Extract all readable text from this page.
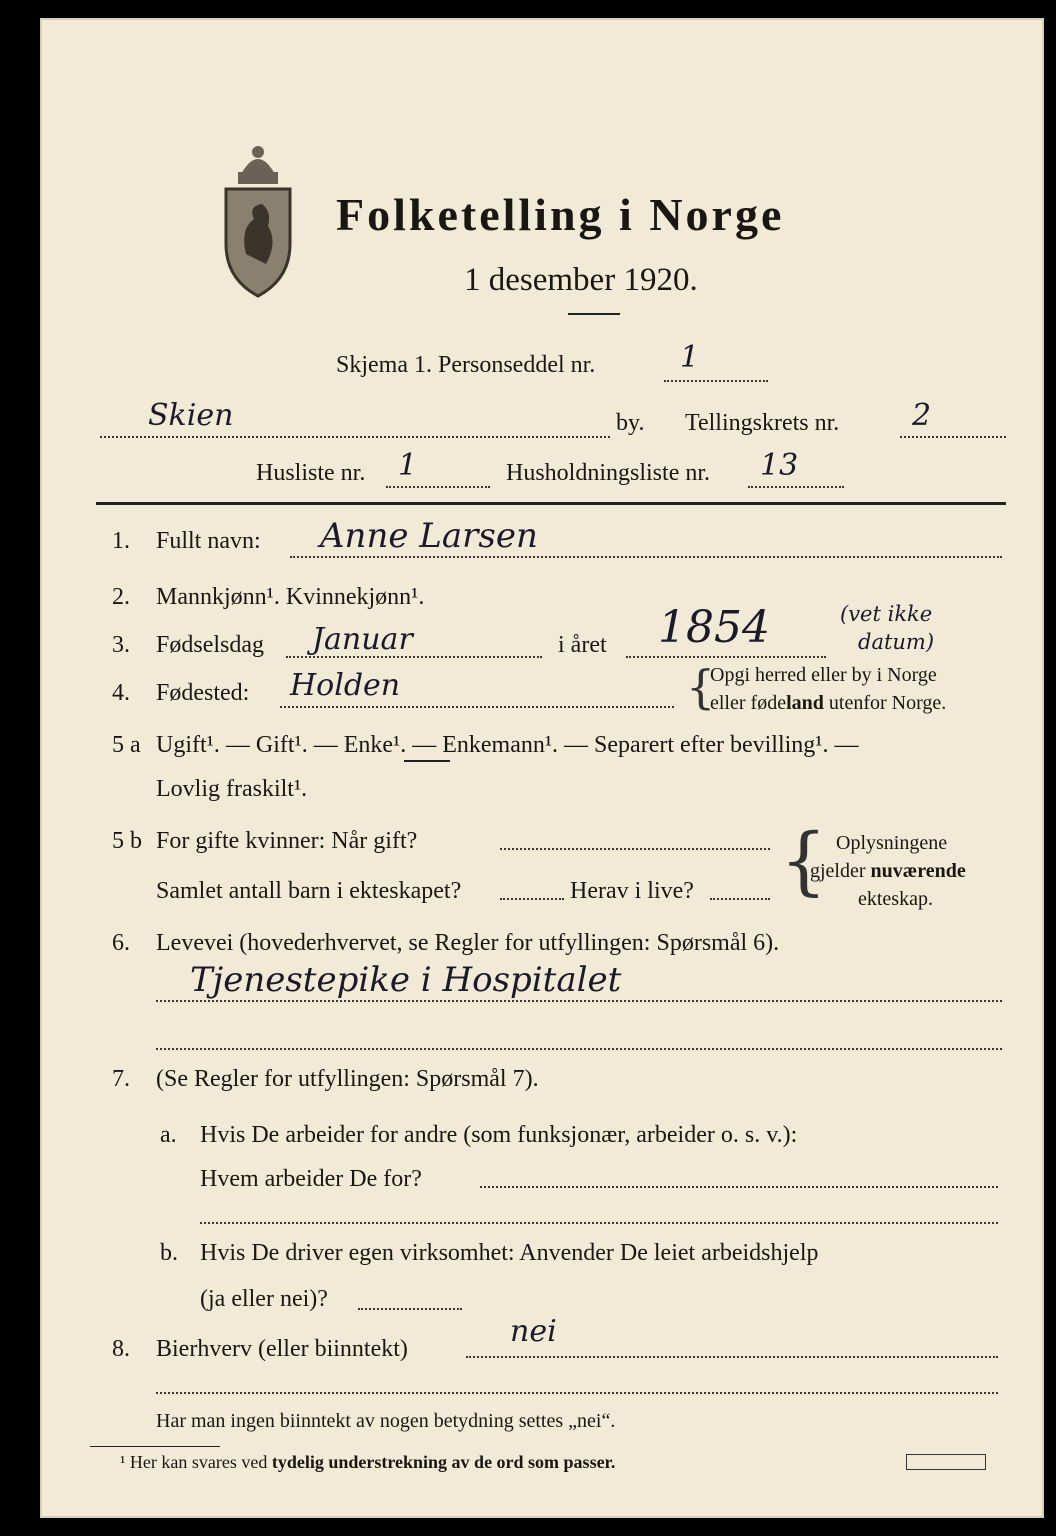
Folketelling i Norge
1 desember 1920.
Skjema 1. Personseddel nr.	1
Skien	by. Tellingskrets nr. 2
Husliste nr. 1	Husholdningsliste nr. 13
1. Fullt navn: Anne Larsen
2. Mannkjønn¹. Kvinnekjønn¹.
3. Fødselsdag Januar	i året 1854	(vet ikke
datum)
4. Fødested: Holden	{
Opgi herred eller by i Norge
eller fødeland utenfor Norge.
5 a Ugift¹. — Gift¹. — Enke¹. — Enkemann¹. — Separert efter bevilling¹. —
Lovlig fraskilt¹.
5 b For gifte kvinner: Når gift?
Samlet antall barn i ekteskapet?	Herav i live? { Oplysningene
gjelder nuværende
ekteskap.
6. Levevei (hovederhvervet, se Regler for utfyllingen: Spørsmål 6).
Tjenestepike i Hospitalet
7. (Se Regler for utfyllingen: Spørsmål 7).
a. Hvis De arbeider for andre (som funksjonær, arbeider o. s. v.):
Hvem arbeider De for?
b. Hvis De driver egen virksomhet: Anvender De leiet arbeidshjelp
(ja eller nei)?
8. Bierhverv (eller biinntekt)	nei
Har man ingen biinntekt av nogen betydning settes „nei“.
¹ Her kan svares ved tydelig understrekning av de ord som passer.
